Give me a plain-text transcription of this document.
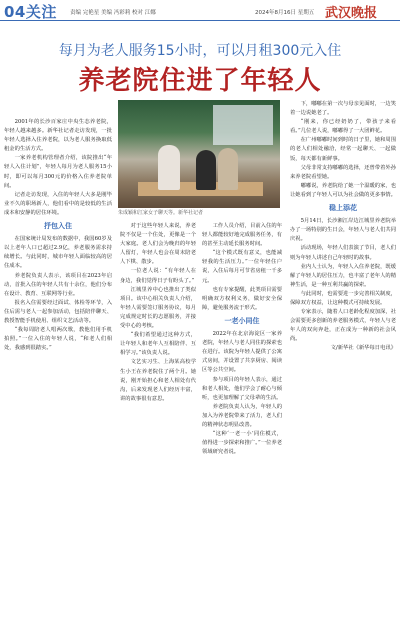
04关注 责编 完艳星 美编 冯彩莉 校对 江娜	2024年8月16日 星期五 武汉晚报
每月为老人服务15小时，可以月租300元入住
养老院住进了年轻人
朱成颖和江家女子聊天等。新华社记者

2001年的长沙百家庄中央生态养老院，年轻人越来越多。新华社记者走访发现，一批年轻人选择入住养老院，以为老人服务换取低租金的生活方式。

一家养老机构管理者介绍，该院推出“年轻人入住计划”，年轻人每月为老人服务15小时，即可以每月300元的价格入住养老院单间。

记者走访发现，入住的年轻人大多是刚毕业不久的职场新人，他们看中的是较低的生活成本和安静的居住环境。

抒包入住

在国家统计局发布的数据中，我国60岁及以上老年人口已超过2.9亿，养老服务需求持续增长。与此同时，城市年轻人面临较高的居住成本。

养老院负责人表示，该项目在2023年启动，首批入住的年轻人共有十余位，他们分布在设计、教育、互联网等行业。

报名入住需要经过面试、体检等环节，入住后需与老人一起参加活动，包括陪伴聊天、教授智能手机使用、组织文艺活动等。

“我每周陪老人唱两次歌，教他们用手机拍照。”一位入住的年轻人说，“和老人们相处，我感到很踏实。”

对于这些年轻人来说，养老院不仅是一个住处，更像是一个大家庭。老人们会为晚归的年轻人留灯，年轻人也会在周末陪老人下棋、散步。

一位老人说：“有年轻人在身边，我们觉得日子有盼头了。”

江城里养中心也推出了类似项目。该中心相关负责人介绍，年轻人需要签订服务协议，每月完成规定时长的志愿服务，并接受中心的考核。

“我们希望通过这种方式，让年轻人和老年人互相陪伴、互相学习。”该负责人说。

文艺实习生、上海某高校学生小王在养老院住了两个月。她说，刚开始担心和老人相处有代沟，后来发现老人们经历丰富，讲的故事很有意思。

工作人员介绍，目前入住的年轻人都能较好地完成服务任务，有的甚至主动延长服务时间。

“这个模式既有意义，也能减轻我的生活压力。”一位年轻住户说，入住后每月可节省房租一千多元。

也有专家提醒，此类项目需要明确双方权利义务，做好安全保障，避免服务流于形式。

一老小同住

2022年在北京海淀区一家养老院，年轻人与老人同住的探索也在进行。该院为年轻人提供了公寓式房间，并设置了共享厨房、阅读区等公共空间。

参与项目的年轻人表示，通过和老人相处，他们学会了耐心与倾听，也更加理解了父母辈的生活。

养老院负责人认为，年轻人的加入为养老院带来了活力，老人们的精神状态明显改善。

“这种‘一老一小’同住模式，值得进一步探索和推广。”一位养老领域研究者说。

下，嘟嘟在第一次与母亲见面时，一边笑着一边说她老了。

“刚来，你已经奶奶了，带孩子来看看。”几位老人说，嘟嘟得了一大团鲜花。

在广州嘟嘟时间到时的日子里，她和周围的老人们相处融洽，经常一起聊天、一起做饭，每天都有新鲜事。

父母非常支持嘟嘟的选择，还曾带着外孙来养老院看望她。

嘟嘟说，养老院给了她一个温暖的家，也让她看到了年轻人可以为社会做的更多事情。

稳上添花

5月14日，长沙湘江岸边江城里养老院举办了一场特别的生日会，年轻人与老人们共同庆祝。

活动现场，年轻人们表演了节目，老人们则为年轻人讲述自己年轻时的故事。

业内人士认为，年轻人入住养老院，既缓解了年轻人的居住压力，也丰富了老年人的精神生活，是一种互利共赢的探索。

与此同时，也需要进一步完善相关制度，保障双方权益，让这种模式可持续发展。

专家表示，随着人口老龄化程度加深，社会需要更多创新的养老服务模式，年轻人与老年人的双向奔赴，正在成为一种新的社会风尚。

文/新华社《新华每日电讯》
